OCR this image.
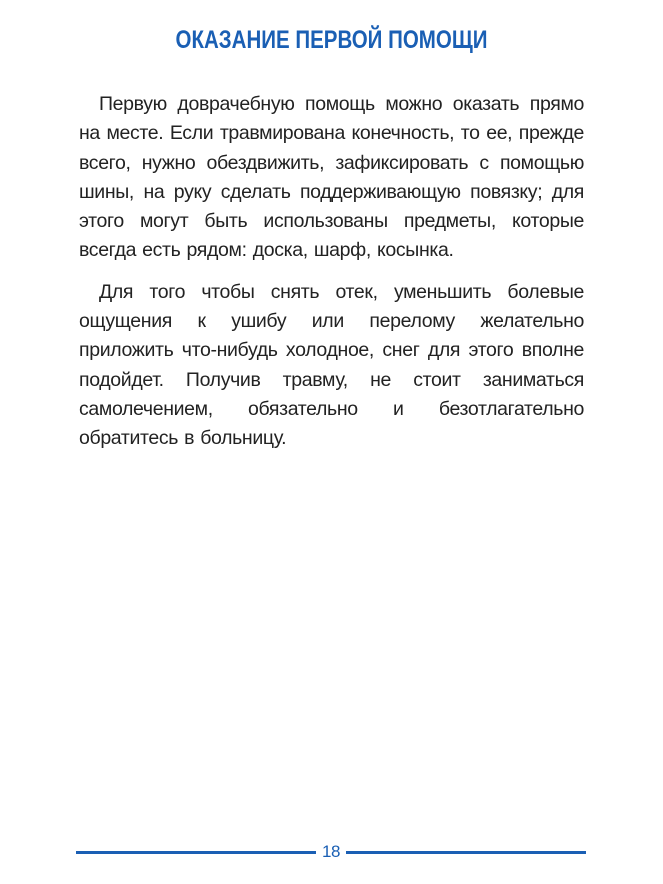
ОКАЗАНИЕ ПЕРВОЙ ПОМОЩИ

Первую доврачебную помощь можно оказать прямо на месте. Если травмирована конечность, то ее, прежде всего, нужно обездвижить, зафиксировать с помощью шины, на руку сделать поддерживающую повязку; для этого могут быть использованы предметы, которые всегда есть рядом: доска, шарф, косынка.

Для того чтобы снять отек, уменьшить болевые ощущения к ушибу или перелому желательно приложить что-нибудь холодное, снег для этого вполне подойдет. Получив травму, не стоит заниматься самолечением, обязательно и безотлагательно обратитесь в больницу.

18
